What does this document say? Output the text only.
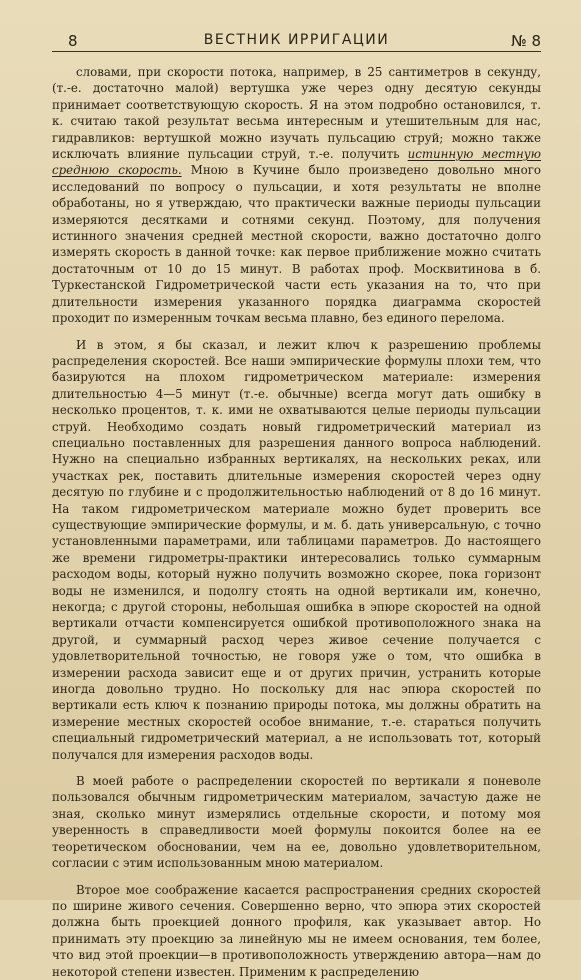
8	ВЕСТНИК ИРРИГАЦИИ	№ 8

словами, при скорости потока, например, в 25 сантиметров в секунду, (т.-е. достаточно малой) вертушка уже через одну десятую секунды принимает соответствующую скорость. Я на этом подробно остановился, т. к. считаю такой результат весьма интересным и утешительным для нас, гидравликов: вертушкой можно изучать пульсацию струй; можно также исключать влияние пульсации струй, т.-е. получить истинную местную среднюю скорость. Мною в Кучине было произведено довольно много исследований по вопросу о пульсации, и хотя результаты не вполне обработаны, но я утверждаю, что практически важные периоды пульсации измеряются десятками и сотнями секунд. Поэтому, для получения истинного значения средней местной скорости, важно достаточно долго измерять скорость в данной точке: как первое приближение можно считать достаточным от 10 до 15 минут. В работах проф. Москвитинова в б. Туркестанской Гидрометрической части есть указания на то, что при длительности измерения указанного порядка диаграмма скоростей проходит по измеренным точкам весьма плавно, без единого перелома.

И в этом, я бы сказал, и лежит ключ к разрешению проблемы распределения скоростей. Все наши эмпирические формулы плохи тем, что базируются на плохом гидрометрическом материале: измерения длительностью 4—5 минут (т.-е. обычные) всегда могут дать ошибку в несколько процентов, т. к. ими не охватываются целые периоды пульсации струй. Необходимо создать новый гидрометрический материал из специально поставленных для разрешения данного вопроса наблюдений. Нужно на специально избранных вертикалях, на нескольких реках, или участках рек, поставить длительные измерения скоростей через одну десятую по глубине и с продолжительностью наблюдений от 8 до 16 минут. На таком гидрометрическом материале можно будет проверить все существующие эмпирические формулы, и м. б. дать универсальную, с точно установленными параметрами, или таблицами параметров. До настоящего же времени гидрометры-практики интересовались только суммарным расходом воды, который нужно получить возможно скорее, пока горизонт воды не изменился, и подолгу стоять на одной вертикали им, конечно, некогда; с другой стороны, небольшая ошибка в эпюре скоростей на одной вертикали отчасти компенсируется ошибкой противоположного знака на другой, и суммарный расход через живое сечение получается с удовлетворительной точностью, не говоря уже о том, что ошибка в измерении расхода зависит еще и от других причин, устранить которые иногда довольно трудно. Но поскольку для нас эпюра скоростей по вертикали есть ключ к познанию природы потока, мы должны обратить на измерение местных скоростей особое внимание, т.-е. стараться получить специальный гидрометрический материал, а не использовать тот, который получался для измерения расходов воды.

В моей работе о распределении скоростей по вертикали я поневоле пользовался обычным гидрометрическим материалом, зачастую даже не зная, сколько минут измерялись отдельные скорости, и потому моя уверенность в справедливости моей формулы покоится более на ее теоретическом обосновании, чем на ее, довольно удовлетворительном, согласии с этим использованным мною материалом.

Второе мое соображение касается распространения средних скоростей по ширине живого сечения. Совершенно верно, что эпюра этих скоростей должна быть проекцией донного профиля, как указывает автор. Но принимать эту проекцию за линейную мы не имеем основания, тем более, что вид этой проекции—в противоположность утверждению автора—нам до некоторой степени известен. Применим к распределению
